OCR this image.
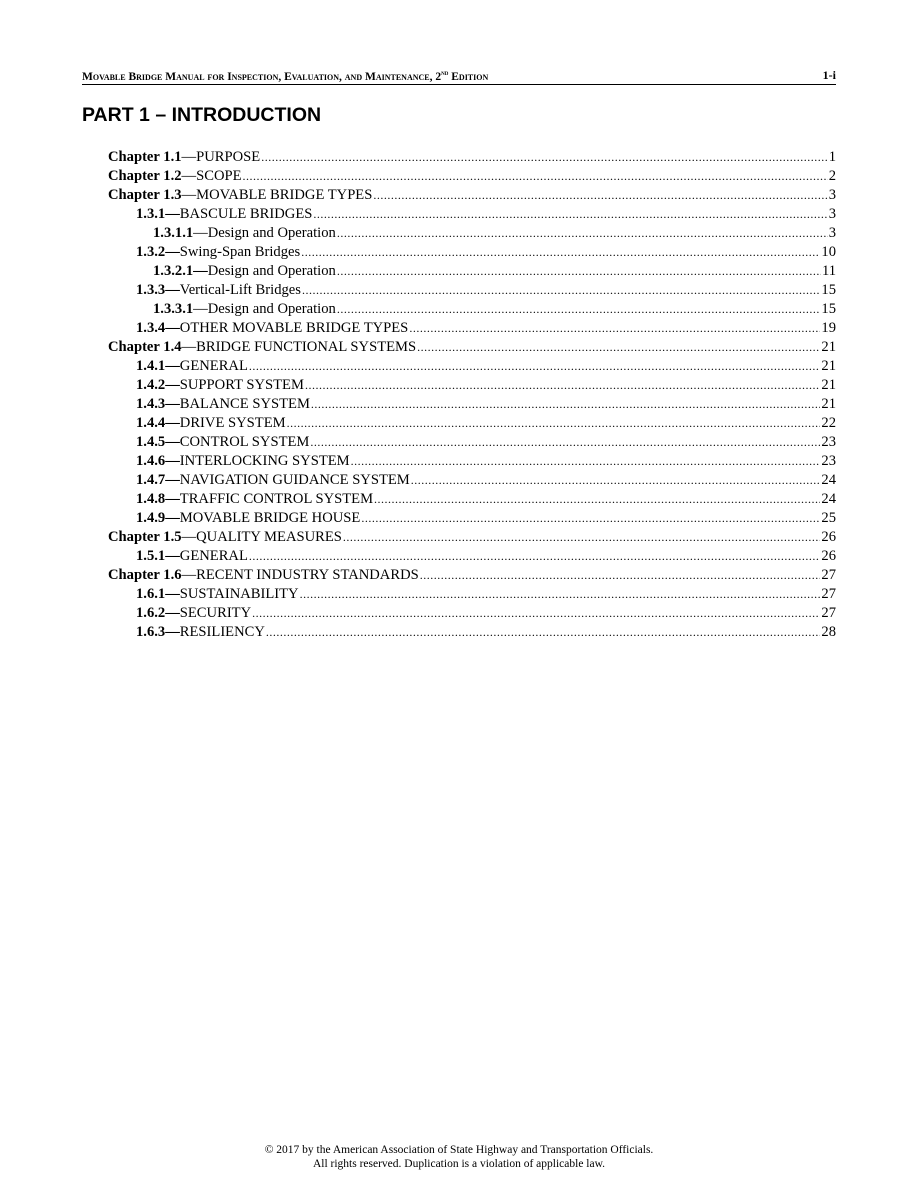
Movable Bridge Manual for Inspection, Evaluation, and Maintenance, 2nd Edition	1-i
PART 1 – INTRODUCTION
Chapter 1.1 —PURPOSE .....	1
Chapter 1.2 —SCOPE .....	2
Chapter 1.3 —MOVABLE BRIDGE TYPES .....	3
1.3.1— BASCULE BRIDGES .....	3
1.3.1.1 —Design and Operation .....	3
1.3.2— Swing-Span Bridges .....	10
1.3.2.1— Design and Operation .....	11
1.3.3— Vertical-Lift Bridges .....	15
1.3.3.1 —Design and Operation .....	15
1.3.4— OTHER MOVABLE BRIDGE TYPES .....	19
Chapter 1.4 —BRIDGE FUNCTIONAL SYSTEMS .....	21
1.4.1— GENERAL .....	21
1.4.2— SUPPORT SYSTEM .....	21
1.4.3— BALANCE SYSTEM .....	21
1.4.4— DRIVE SYSTEM .....	22
1.4.5— CONTROL SYSTEM .....	23
1.4.6— INTERLOCKING SYSTEM .....	23
1.4.7— NAVIGATION GUIDANCE SYSTEM .....	24
1.4.8— TRAFFIC CONTROL SYSTEM .....	24
1.4.9— MOVABLE BRIDGE HOUSE .....	25
Chapter 1.5 —QUALITY MEASURES .....	26
1.5.1— GENERAL .....	26
Chapter 1.6 —RECENT INDUSTRY STANDARDS .....	27
1.6.1— SUSTAINABILITY .....	27
1.6.2— SECURITY .....	27
1.6.3— RESILIENCY .....	28
© 2017 by the American Association of State Highway and Transportation Officials.
All rights reserved. Duplication is a violation of applicable law.
